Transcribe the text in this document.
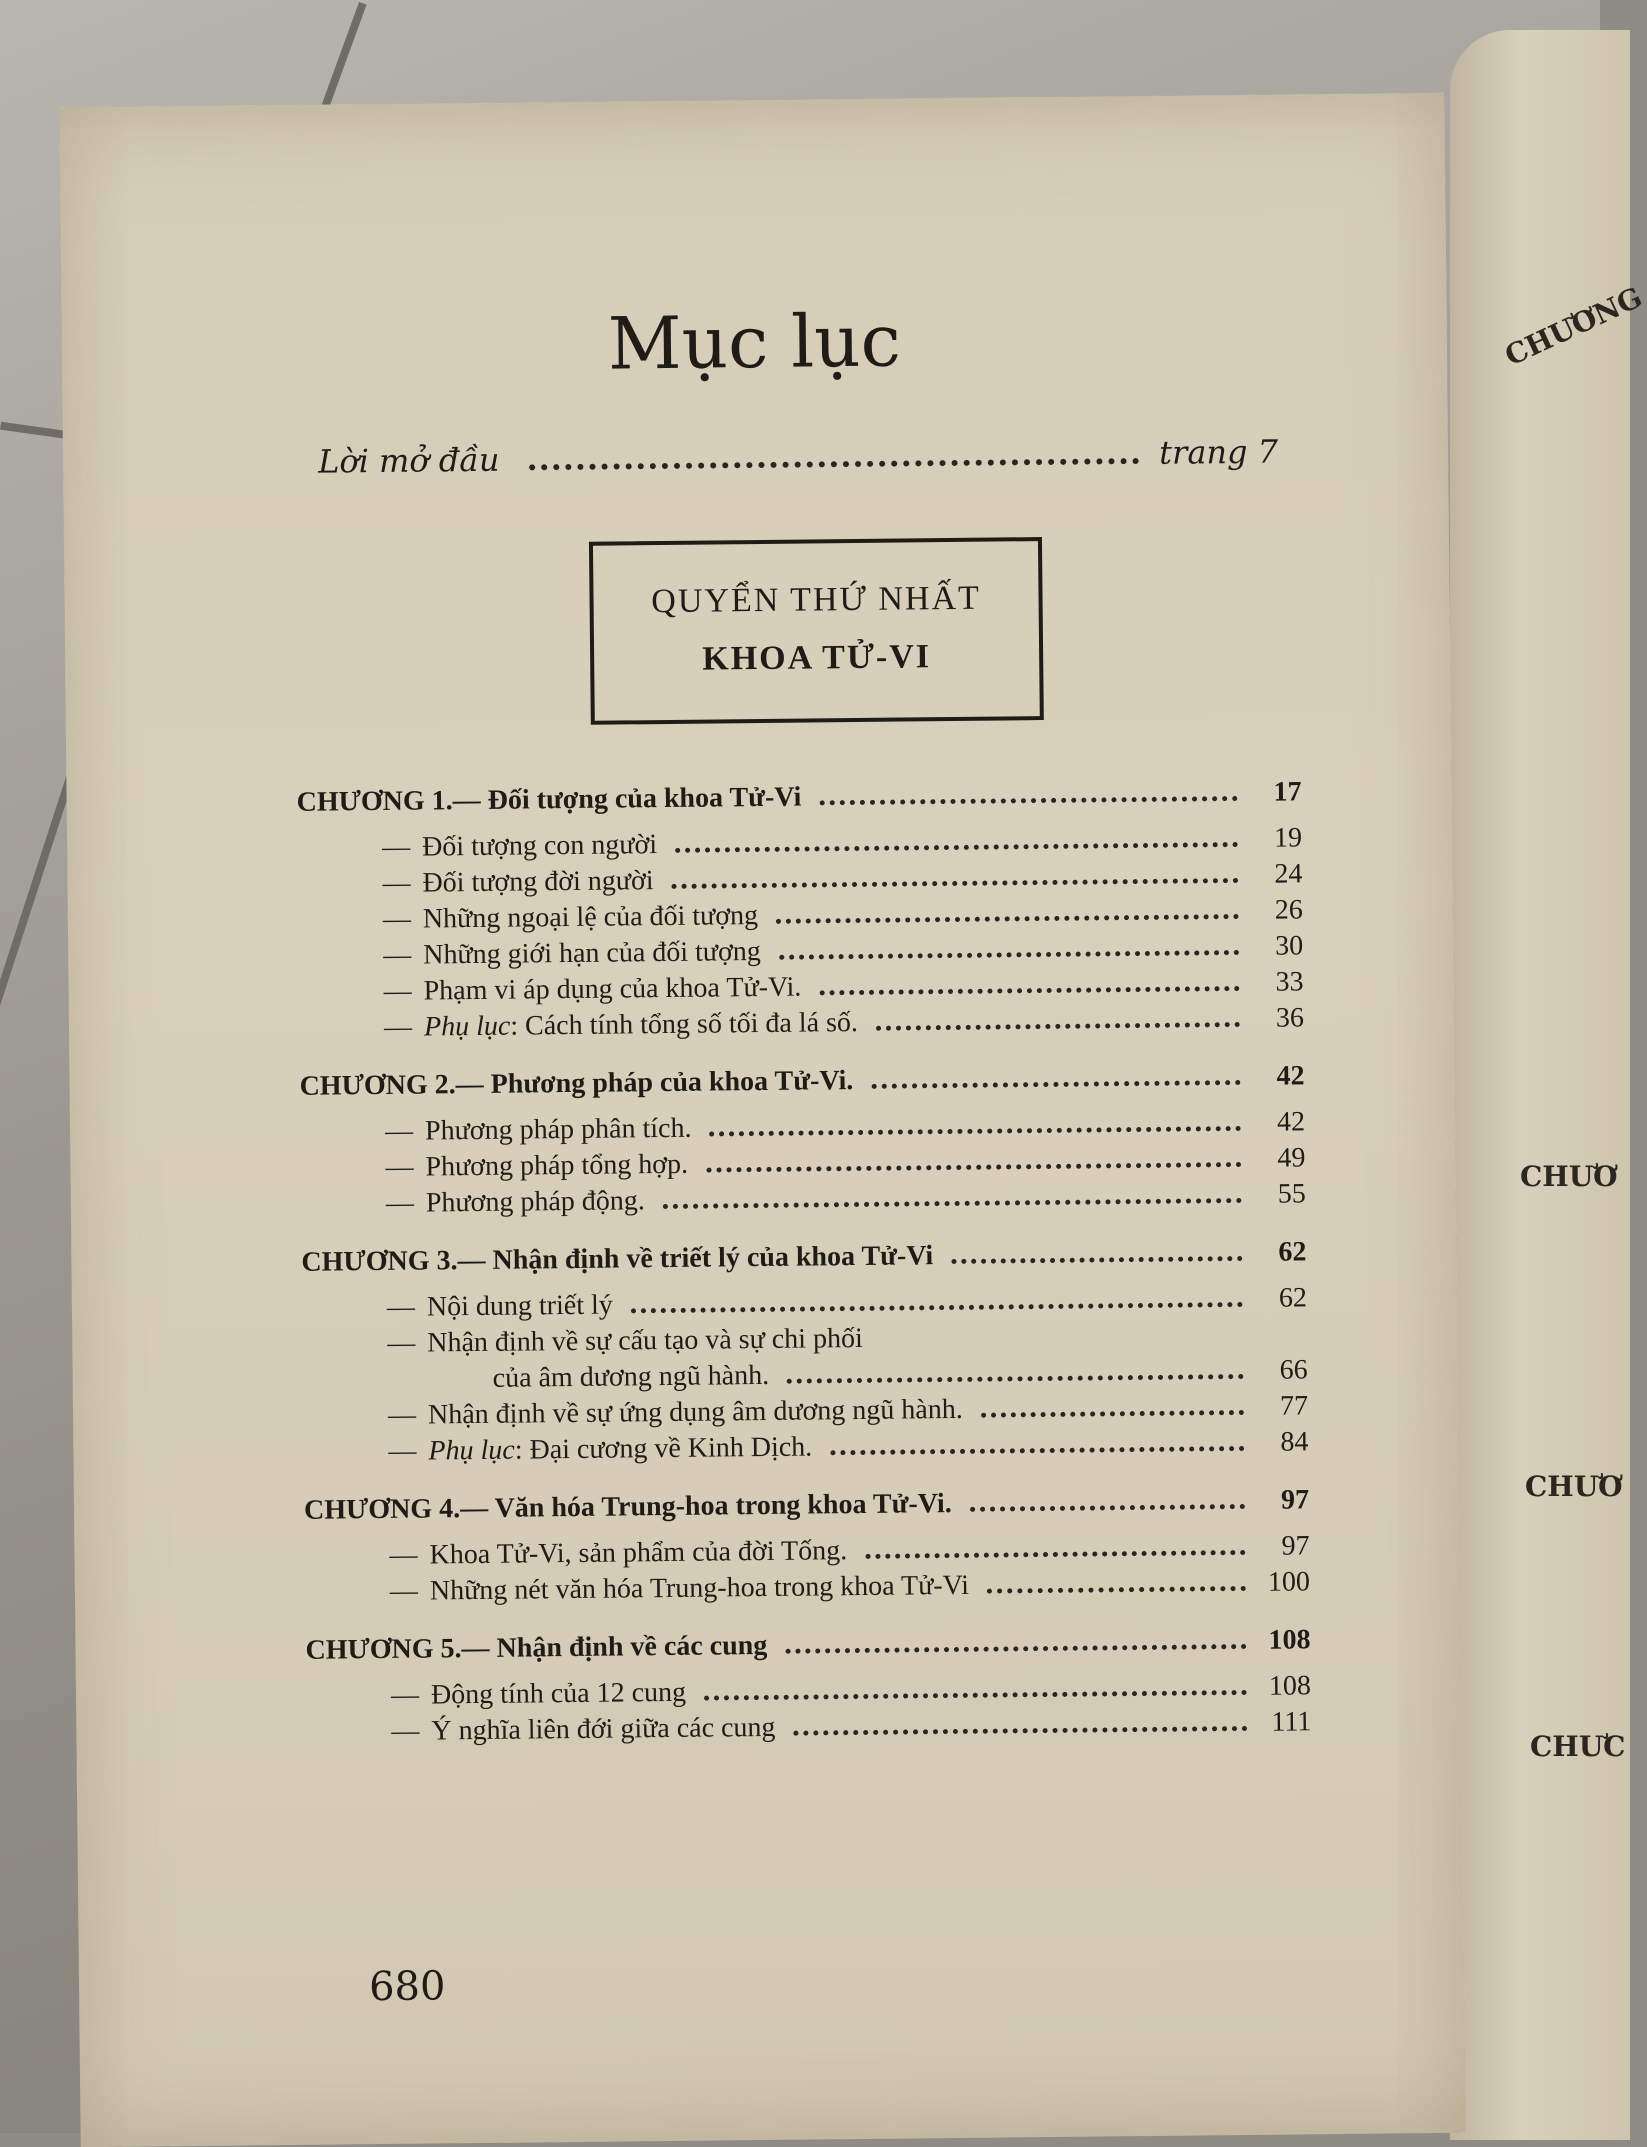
CHƯƠNG
CHƯƠ
CHƯƠ
CHƯC
Mục lục
Lời mở đầu	trang 7
QUYỂN THỨ NHẤT
KHOA TỬ-VI
CHƯƠNG 1.— Đối tượng của khoa Tử-Vi	17
— Đối tượng con người	19
— Đối tượng đời người	24
— Những ngoại lệ của đối tượng	26
— Những giới hạn của đối tượng	30
— Phạm vi áp dụng của khoa Tử-Vi.	33
— Phụ lục : Cách tính tổng số tối đa lá số.	36
CHƯƠNG 2.— Phương pháp của khoa Tử-Vi.	42
— Phương pháp phân tích.	42
— Phương pháp tổng hợp.	49
— Phương pháp động.	55
CHƯƠNG 3.— Nhận định về triết lý của khoa Tử-Vi	62
— Nội dung triết lý	62
— Nhận định về sự cấu tạo và sự chi phối
của âm dương ngũ hành.	66
— Nhận định về sự ứng dụng âm dương ngũ hành.	77
— Phụ lục : Đại cương về Kinh Dịch.	84
CHƯƠNG 4.— Văn hóa Trung-hoa trong khoa Tử-Vi.	97
— Khoa Tử-Vi, sản phẩm của đời Tống.	97
— Những nét văn hóa Trung-hoa trong khoa Tử-Vi	100
CHƯƠNG 5.— Nhận định về các cung	108
— Động tính của 12 cung	108
— Ý nghĩa liên đới giữa các cung	111
680
